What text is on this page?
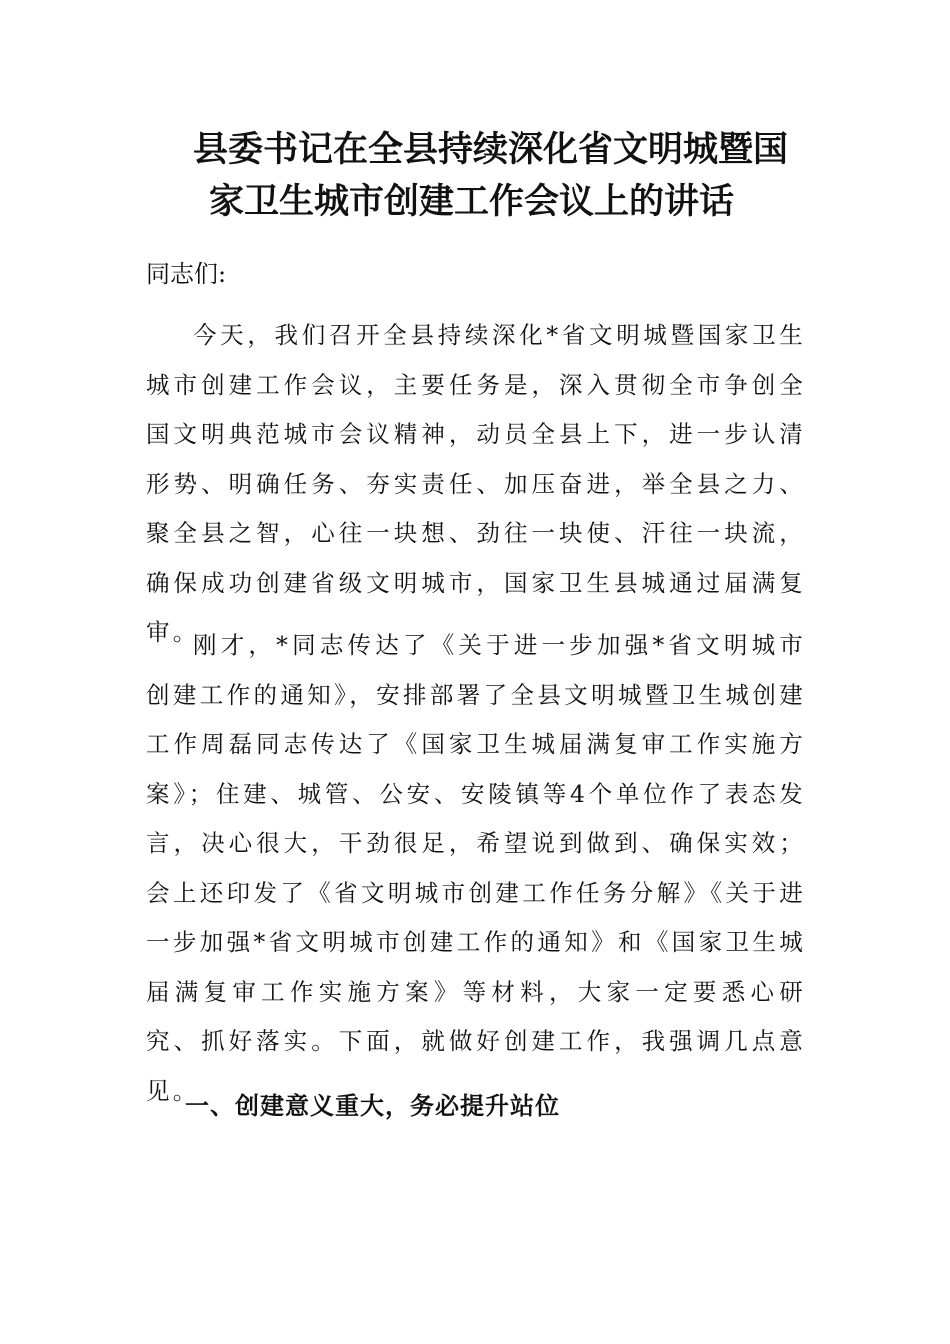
县委书记在全县持续深化省文明城暨国
家卫生城市创建工作会议上的讲话

同志们:

今天，我们召开全县持续深化*省文明城暨国家卫生城市创建工作会议，主要任务是，深入贯彻全市争创全国文明典范城市会议精神，动员全县上下，进一步认清形势、明确任务、夯实责任、加压奋进，举全县之力、聚全县之智，心往一块想、劲往一块使、汗往一块流，确保成功创建省级文明城市，国家卫生县城通过届满复审。

刚才，*同志传达了《关于进一步加强*省文明城市创建工作的通知》，安排部署了全县文明城暨卫生城创建工作周磊同志传达了《国家卫生城届满复审工作实施方案》；住建、城管、公安、安陵镇等4个单位作了表态发言，决心很大，干劲很足，希望说到做到、确保实效；会上还印发了《省文明城市创建工作任务分解》《关于进一步加强*省文明城市创建工作的通知》和《国家卫生城届满复审工作实施方案》等材料，大家一定要悉心研究、抓好落实。下面，就做好创建工作，我强调几点意见。

一、创建意义重大，务必提升站位
